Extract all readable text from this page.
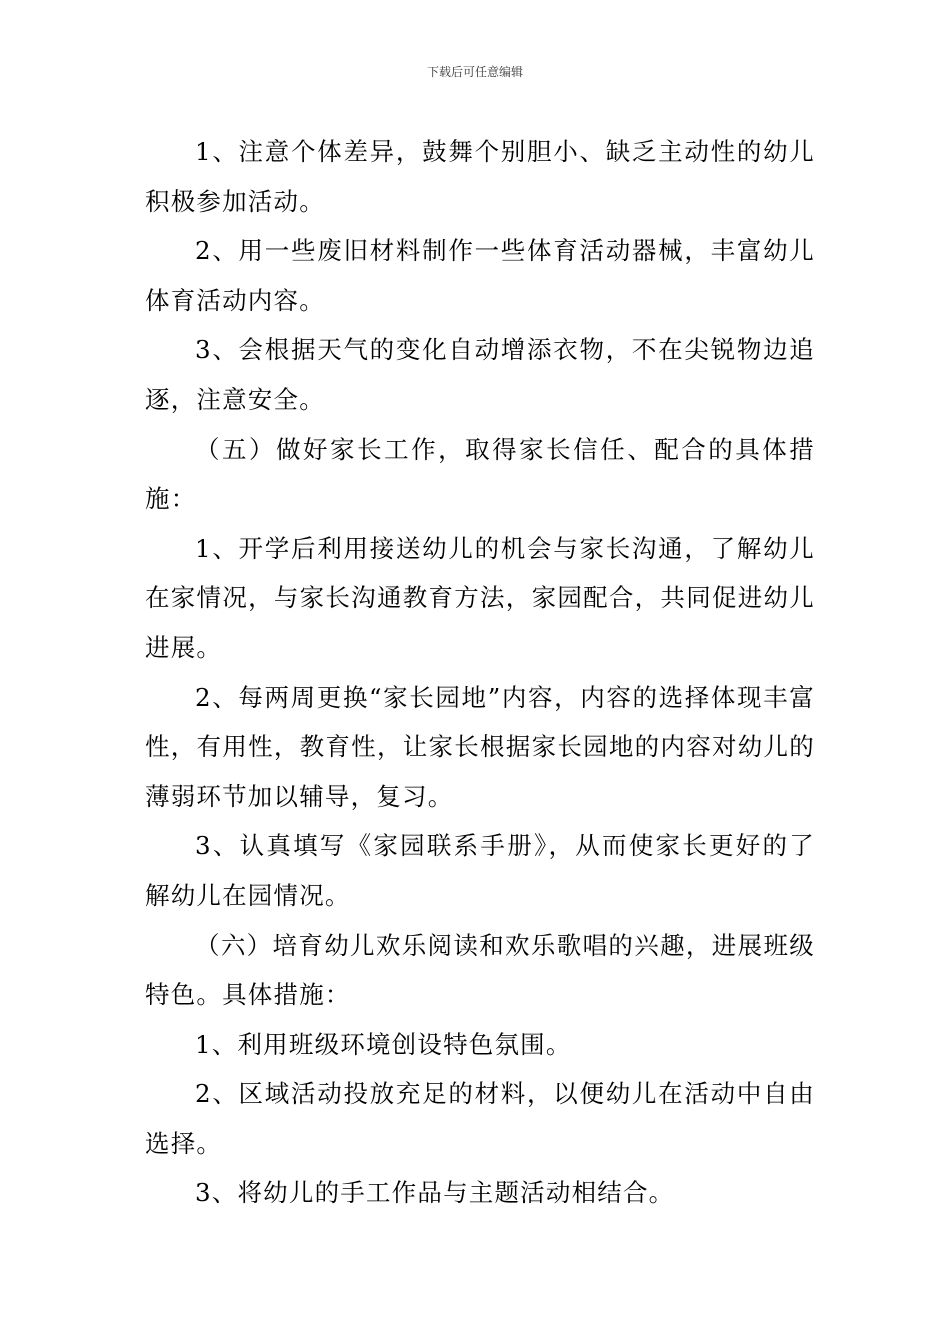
下载后可任意编辑

1、注意个体差异，鼓舞个别胆小、缺乏主动性的幼儿积极参加活动。

2、用一些废旧材料制作一些体育活动器械，丰富幼儿体育活动内容。

3、会根据天气的变化自动增添衣物，不在尖锐物边追逐，注意安全。

（五）做好家长工作，取得家长信任、配合的具体措施：

1、开学后利用接送幼儿的机会与家长沟通，了解幼儿在家情况，与家长沟通教育方法，家园配合，共同促进幼儿进展。

2、每两周更换“家长园地”内容，内容的选择体现丰富性，有用性，教育性，让家长根据家长园地的内容对幼儿的薄弱环节加以辅导，复习。

3、认真填写《家园联系手册》，从而使家长更好的了解幼儿在园情况。

（六）培育幼儿欢乐阅读和欢乐歌唱的兴趣，进展班级特色。具体措施：

1、利用班级环境创设特色氛围。

2、区域活动投放充足的材料，以便幼儿在活动中自由选择。

3、将幼儿的手工作品与主题活动相结合。
